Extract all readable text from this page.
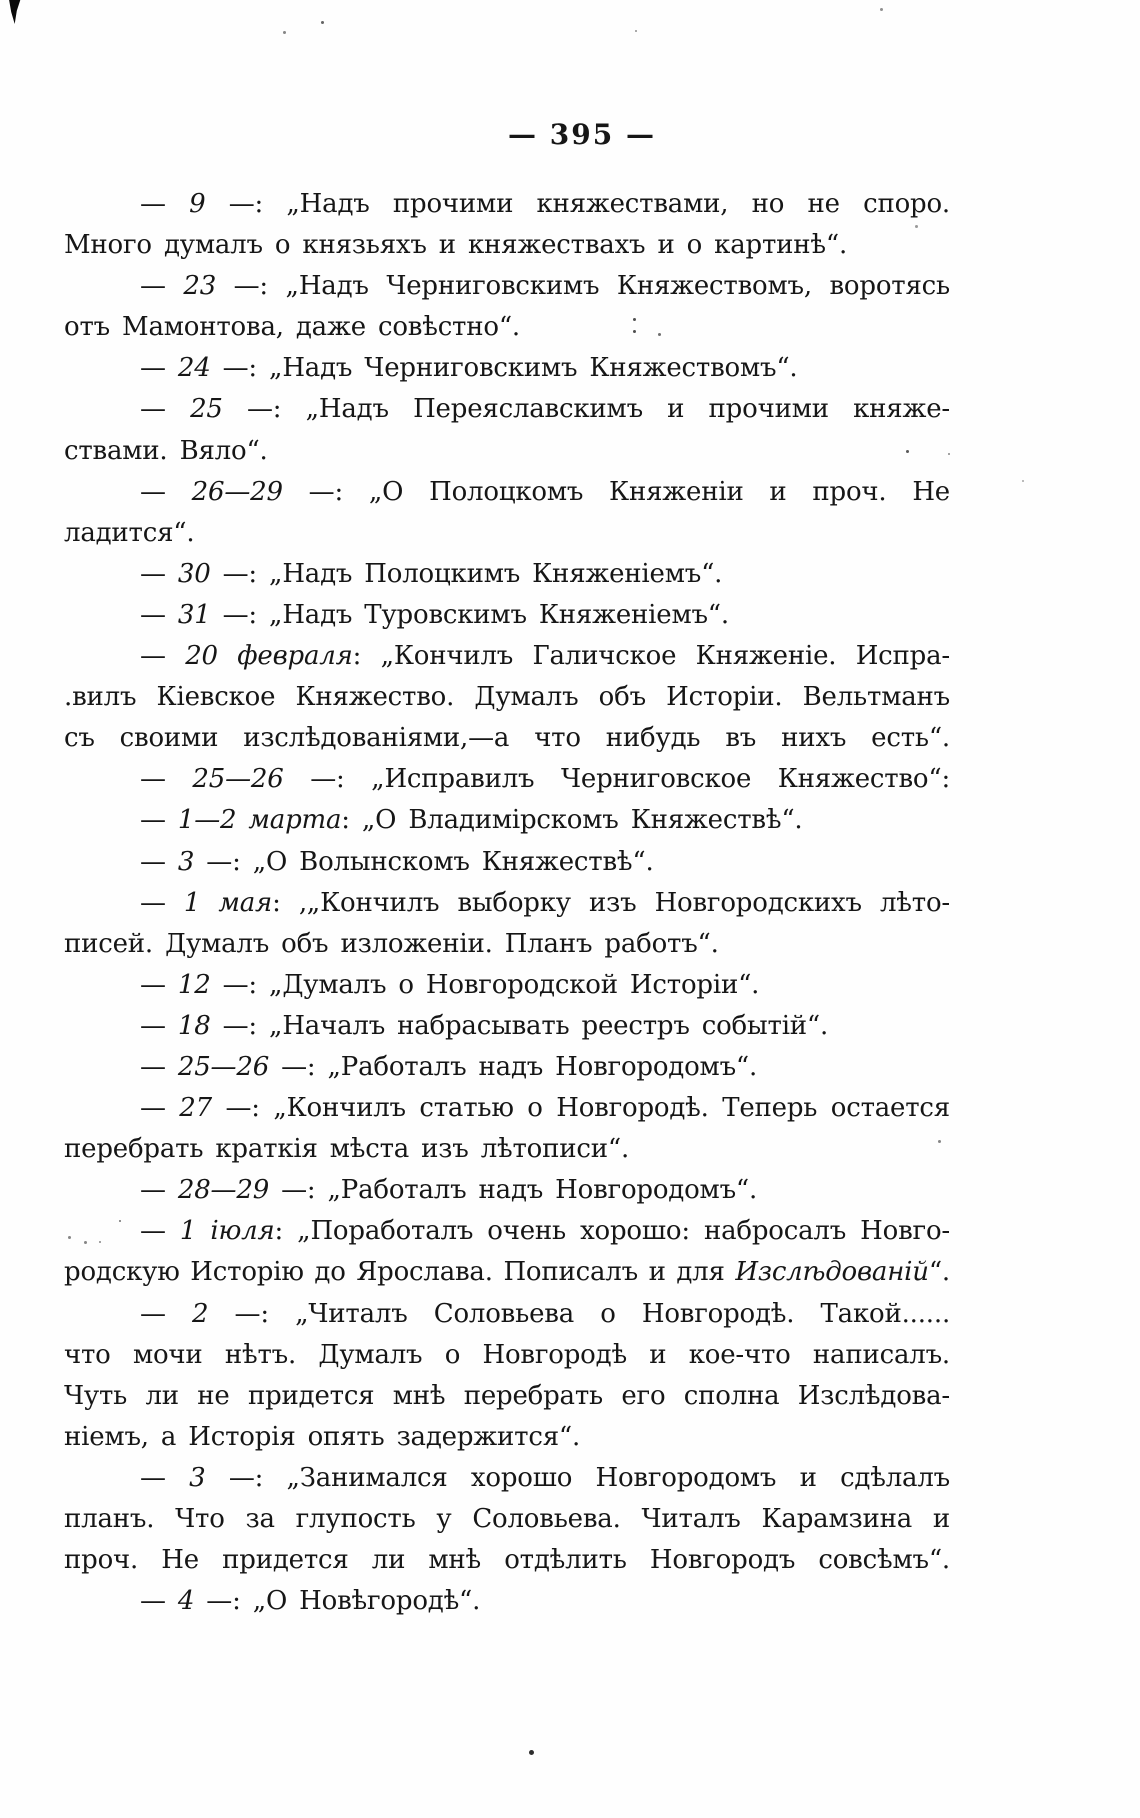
— 395 —
— 9 —: „Надъ прочими княжествами, но не споро.
Много думалъ о князьяхъ и княжествахъ и о картинѣ“.
— 23 —: „Надъ Черниговскимъ Княжествомъ, воротясь
отъ Мамонтова, даже совѣстно“.
— 24 —: „Надъ Черниговскимъ Княжествомъ“.
— 25 —: „Надъ Переяславскимъ и прочими княже-
ствами. Вяло“.
— 26—29 —: „О Полоцкомъ Княженіи и проч. Не
ладится“.
— 30 —: „Надъ Полоцкимъ Княженіемъ“.
— 31 —: „Надъ Туровскимъ Княженіемъ“.
— 20 февраля: „Кончилъ Галичское Княженіе. Испра-
.вилъ Кіевское Княжество. Думалъ объ Исторіи. Вельтманъ
съ своими изслѣдованіями,—а что нибудь въ нихъ есть“.
— 25—26 —: „Исправилъ Черниговское Княжество“:
— 1—2 марта: „О Владимірскомъ Княжествѣ“.
— 3 —: „О Волынскомъ Княжествѣ“.
— 1 мая: ‚„Кончилъ выборку изъ Новгородскихъ лѣто-
писей. Думалъ объ изложеніи. Планъ работъ“.
— 12 —: „Думалъ о Новгородской Исторіи“.
— 18 —: „Началъ набрасывать реестръ событій“.
— 25—26 —: „Работалъ надъ Новгородомъ“.
— 27 —: „Кончилъ статью о Новгородѣ. Теперь остается
перебрать краткія мѣста изъ лѣтописи“.
— 28—29 —: „Работалъ надъ Новгородомъ“.
— 1 іюля: „Поработалъ очень хорошо: набросалъ Новго-
родскую Исторію до Ярослава. Пописалъ и для Изслѣдованій“.
— 2 —: „Читалъ Соловьева о Новгородѣ. Такой......
что мочи нѣтъ. Думалъ о Новгородѣ и кое-что написалъ.
Чуть ли не придется мнѣ перебрать его сполна Изслѣдова-
ніемъ, а Исторія опять задержится“.
— 3 —: „Занимался хорошо Новгородомъ и сдѣлалъ
планъ. Что за глупость у Соловьева. Читалъ Карамзина и
проч. Не придется ли мнѣ отдѣлить Новгородъ совсѣмъ“.
— 4 —: „О Новѣгородѣ“.
